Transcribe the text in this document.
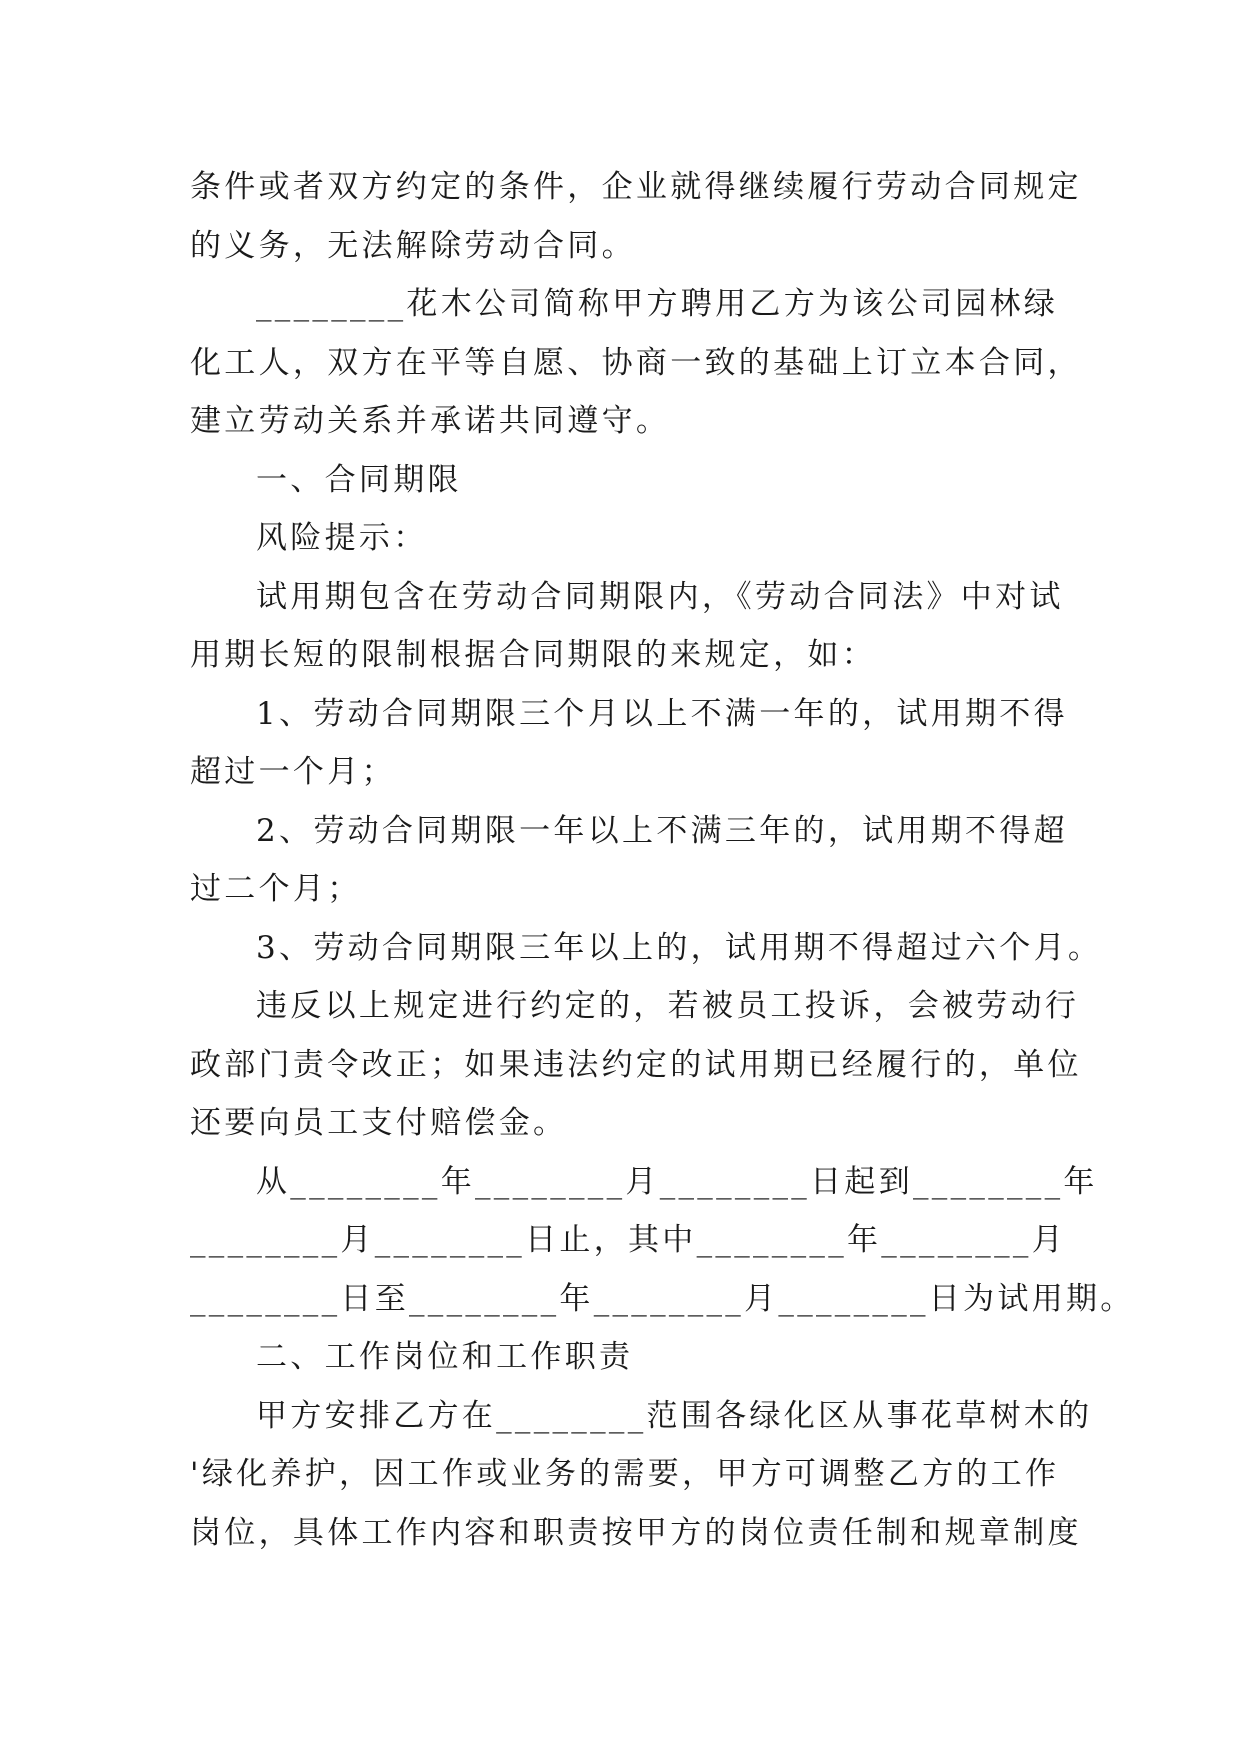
条件或者双方约定的条件，企业就得继续履行劳动合同规定
的义务，无法解除劳动合同。
________花木公司简称甲方聘用乙方为该公司园林绿
化工人，双方在平等自愿、协商一致的基础上订立本合同，
建立劳动关系并承诺共同遵守。
一、合同期限
风险提示：
试用期包含在劳动合同期限内，《劳动合同法》中对试
用期长短的限制根据合同期限的来规定，如：
1、劳动合同期限三个月以上不满一年的，试用期不得
超过一个月；
2、劳动合同期限一年以上不满三年的，试用期不得超
过二个月；
3、劳动合同期限三年以上的，试用期不得超过六个月。
违反以上规定进行约定的，若被员工投诉，会被劳动行
政部门责令改正；如果违法约定的试用期已经履行的，单位
还要向员工支付赔偿金。
从________年________月________日起到________年
________月________日止，其中________年________月
________日至________年________月________日为试用期。
二、工作岗位和工作职责
甲方安排乙方在________范围各绿化区从事花草树木的
'绿化养护，因工作或业务的需要，甲方可调整乙方的工作
岗位，具体工作内容和职责按甲方的岗位责任制和规章制度
